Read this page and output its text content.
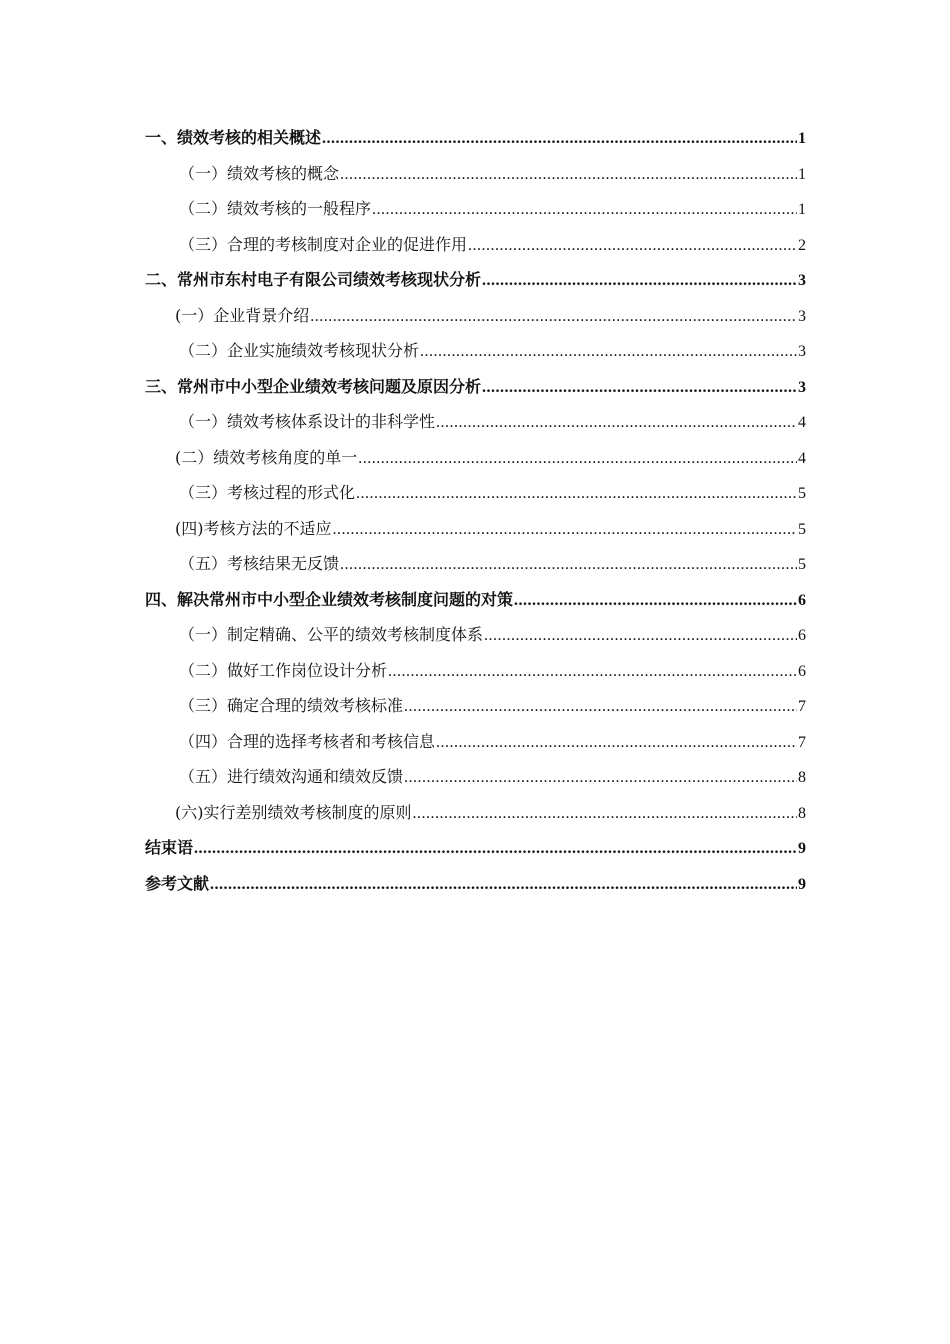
一、绩效考核的相关概述 .....	1
（一）绩效考核的概念 .....	1
（二）绩效考核的一般程序 .....	1
（三）合理的考核制度对企业的促进作用 .....	2
二、常州市东村电子有限公司绩效考核现状分析 .....	3
(一）企业背景介绍 .....	3
（二）企业实施绩效考核现状分析 .....	3
三、常州市中小型企业绩效考核问题及原因分析 .....	3
（一）绩效考核体系设计的非科学性 .....	4
(二）绩效考核角度的单一 .....	4
（三）考核过程的形式化 .....	5
(四)考核方法的不适应 .....	5
（五）考核结果无反馈 .....	5
四、解决常州市中小型企业绩效考核制度问题的对策 .....	6
（一）制定精确、公平的绩效考核制度体系 .....	6
（二）做好工作岗位设计分析 .....	6
（三）确定合理的绩效考核标准 .....	7
（四）合理的选择考核者和考核信息 .....	7
（五）进行绩效沟通和绩效反馈 .....	8
(六)实行差别绩效考核制度的原则 .....	8
结束语 .....	9
参考文献 .....	9
